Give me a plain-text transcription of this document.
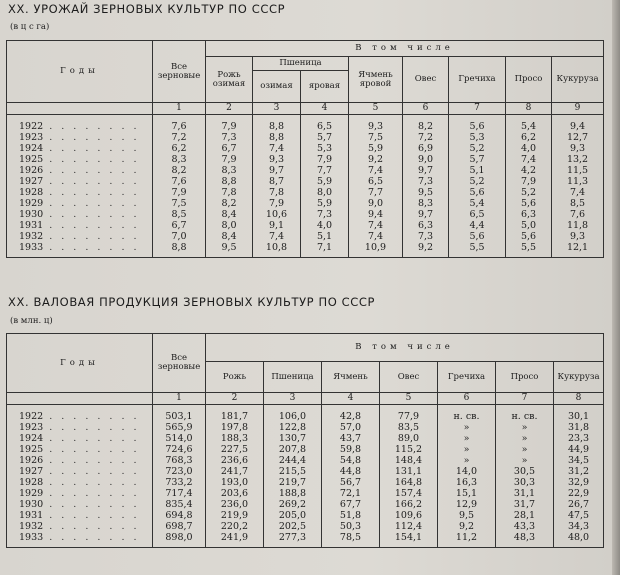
ХХ. УРОЖАЙ ЗЕРНОВЫХ КУЛЬТУР ПО СССР
(в ц с га)
Годы	Все зерновые	В том числе							
		Рожь озимая	Пшеница		Ячмень яровой	Овес	Гречиха	Просо	Кукуруза
			озимая	яровая					
	1	2	3	4	5	6	7	8	9
1922 . . . . . . . .	7,6	7,9	8,8	6,5	9,3	8,2	5,6	5,4	9,4
1923 . . . . . . . .	7,2	7,3	8,8	5,7	7,5	7,2	5,3	6,2	12,7
1924 . . . . . . . .	6,2	6,7	7,4	5,3	5,9	6,9	5,2	4,0	9,3
1925 . . . . . . . .	8,3	7,9	9,3	7,9	9,2	9,0	5,7	7,4	13,2
1926 . . . . . . . .	8,2	8,3	9,7	7,7	7,4	9,7	5,1	4,2	11,5
1927 . . . . . . . .	7,6	8,8	8,7	5,9	6,5	7,3	5,2	7,9	11,3
1928 . . . . . . . .	7,9	7,8	7,8	8,0	7,7	9,5	5,6	5,2	7,4
1929 . . . . . . . .	7,5	8,2	7,9	5,9	9,0	8,3	5,4	5,6	8,5
1930 . . . . . . . .	8,5	8,4	10,6	7,3	9,4	9,7	6,5	6,3	7,6
1931 . . . . . . . .	6,7	8,0	9,1	4,0	7,4	6,3	4,4	5,0	11,8
1932 . . . . . . . .	7,0	8,4	7,4	5,1	7,4	7,3	5,6	5,6	9,3
1933 . . . . . . . .	8,8	9,5	10,8	7,1	10,9	9,2	5,5	5,5	12,1
XX. ВАЛОВАЯ ПРОДУКЦИЯ ЗЕРНОВЫХ КУЛЬТУР ПО СССР
(в млн. ц)
Годы	Все зерновые	В том числе						
		Рожь	Пшеница	Ячмень	Овес	Гречиха	Просо	Кукуруза
	1	2	3	4	5	6	7	8
1922 . . . . . . . .	503,1	181,7	106,0	42,8	77,9	н. св.	н. св.	30,1
1923 . . . . . . . .	565,9	197,8	122,8	57,0	83,5	»	»	31,8
1924 . . . . . . . .	514,0	188,3	130,7	43,7	89,0	»	»	23,3
1925 . . . . . . . .	724,6	227,5	207,8	59,8	115,2	»	»	44,9
1926 . . . . . . . .	768,3	236,6	244,4	54,8	148,4	»	»	34,5
1927 . . . . . . . .	723,0	241,7	215,5	44,8	131,1	14,0	30,5	31,2
1928 . . . . . . . .	733,2	193,0	219,7	56,7	164,8	16,3	30,3	32,9
1929 . . . . . . . .	717,4	203,6	188,8	72,1	157,4	15,1	31,1	22,9
1930 . . . . . . . .	835,4	236,0	269,2	67,7	166,2	12,9	31,7	26,7
1931 . . . . . . . .	694,8	219,9	205,0	51,8	109,6	9,5	28,1	47,5
1932 . . . . . . . .	698,7	220,2	202,5	50,3	112,4	9,2	43,3	34,3
1933 . . . . . . . .	898,0	241,9	277,3	78,5	154,1	11,2	48,3	48,0
